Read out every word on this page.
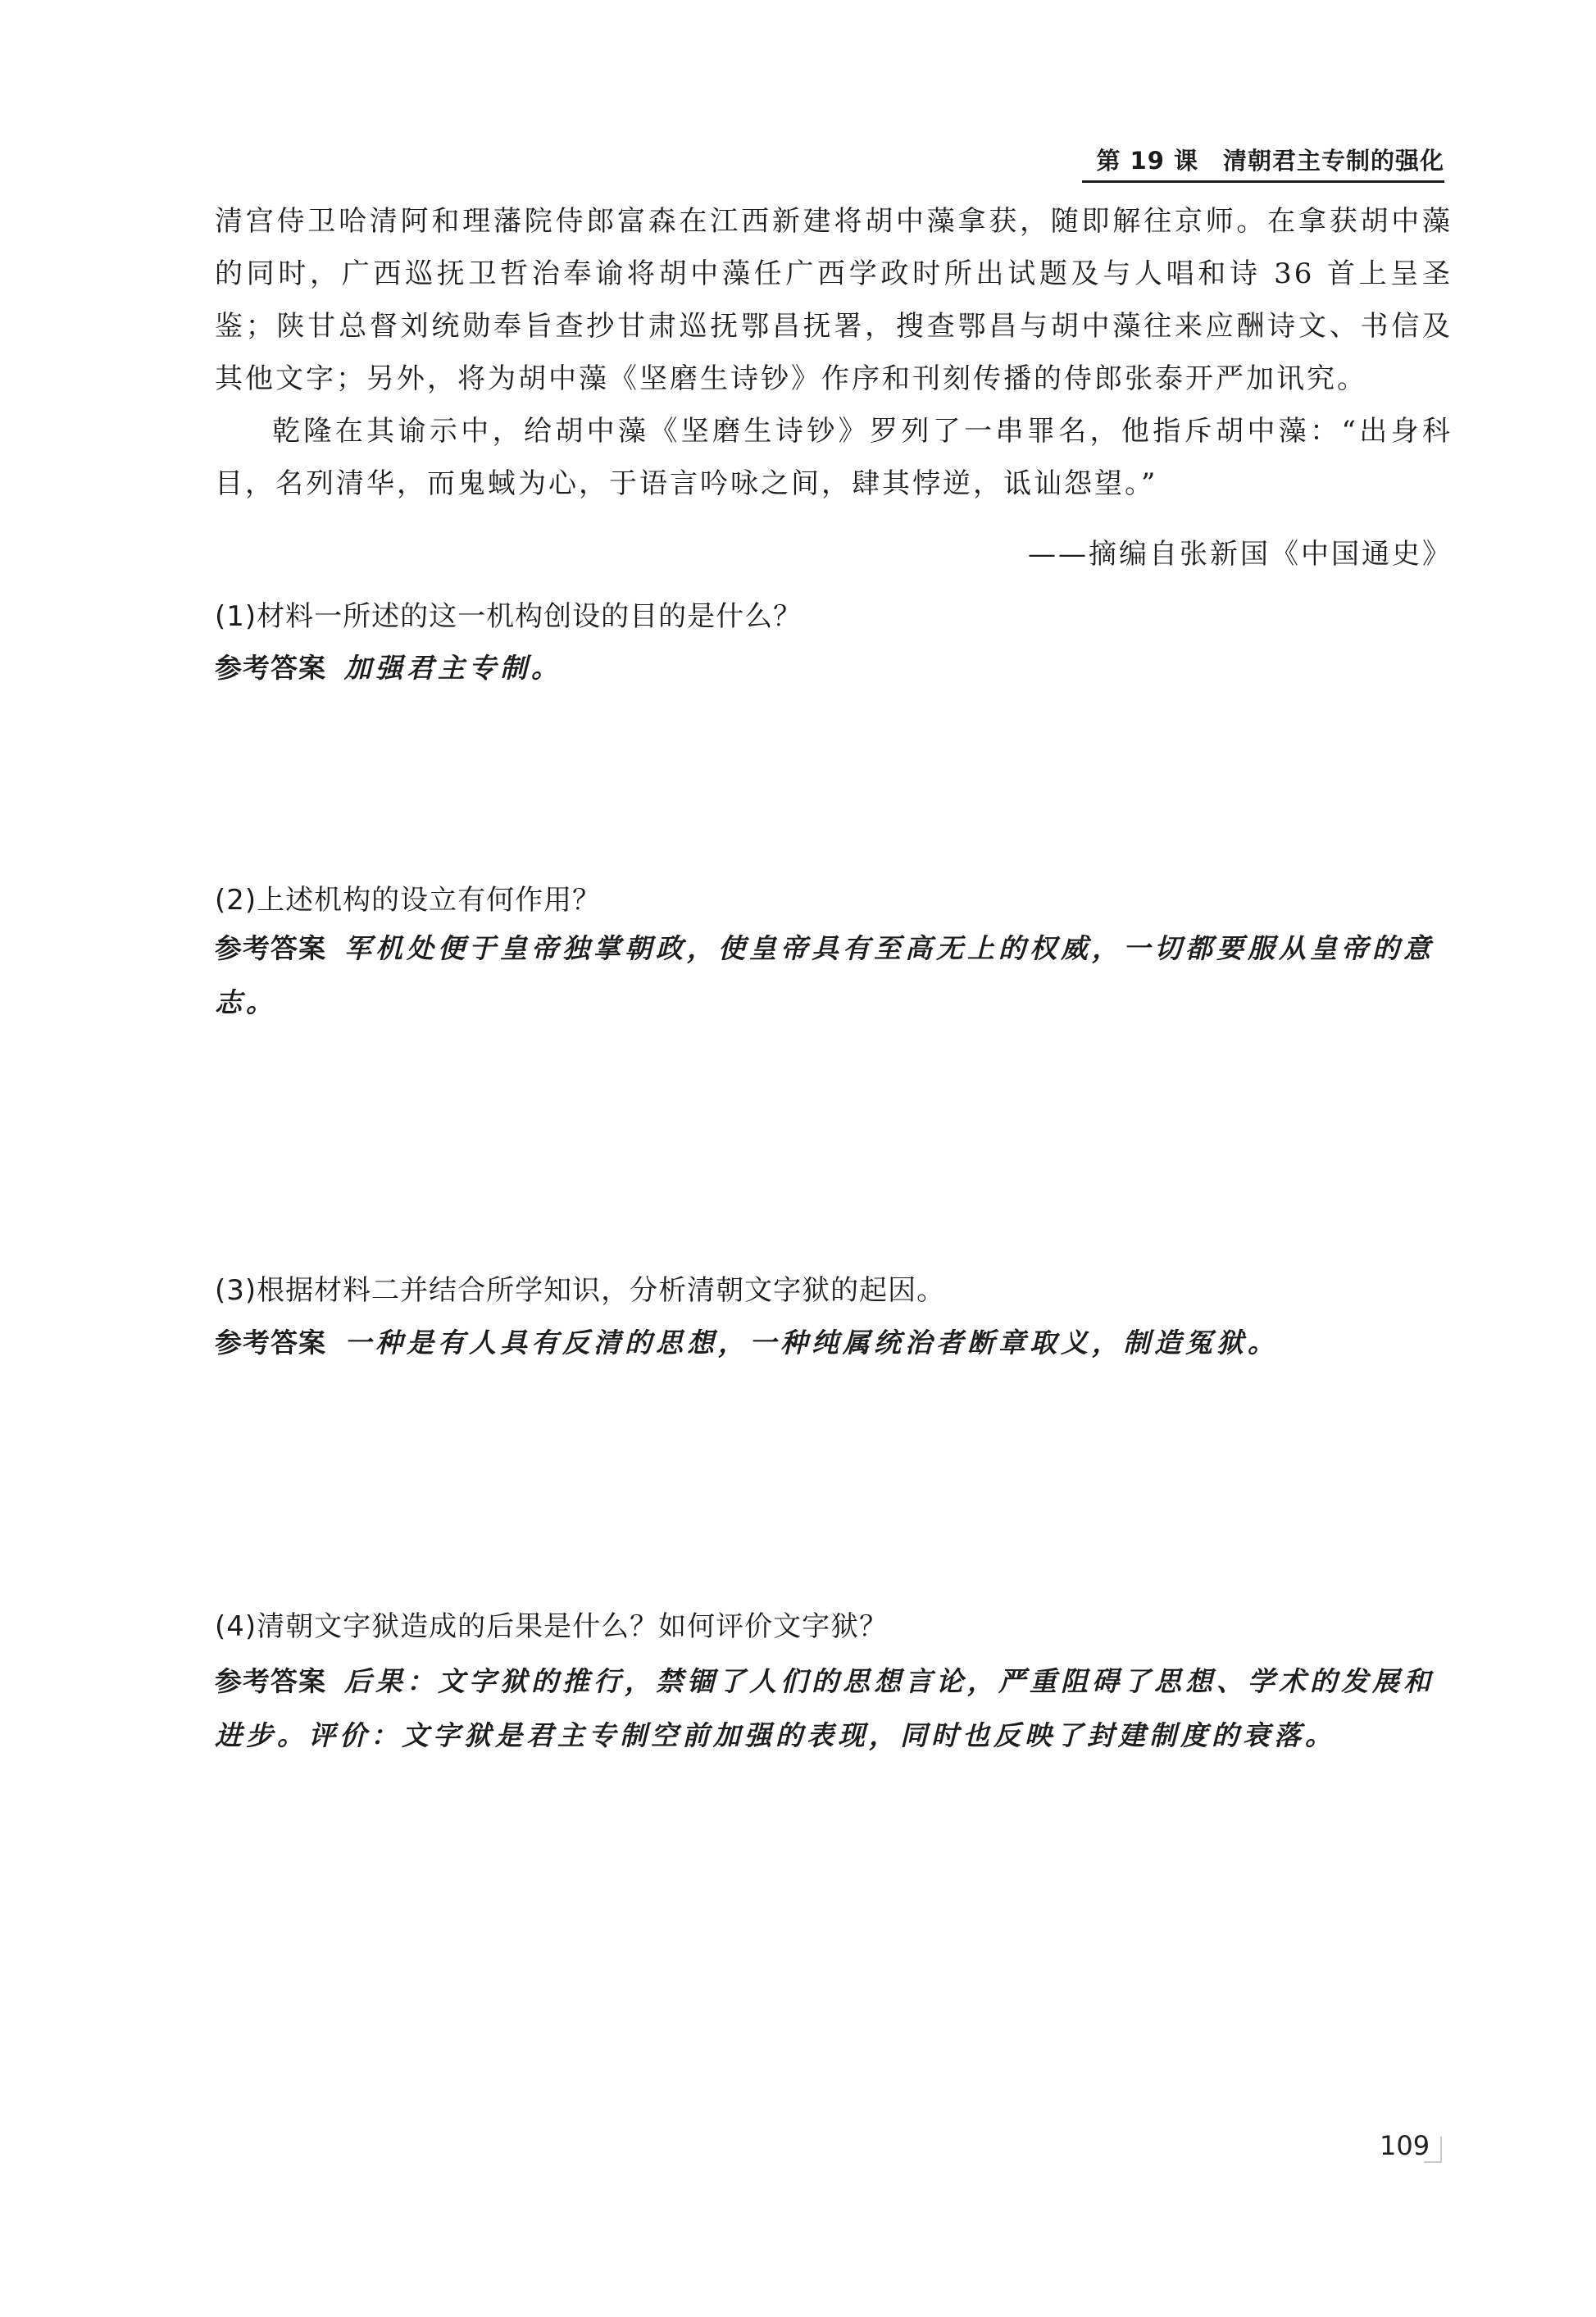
第 19 课　清朝君主专制的强化

清宫侍卫哈清阿和理藩院侍郎富森在江西新建将胡中藻拿获，随即解往京师。在拿获胡中藻的同时，广西巡抚卫哲治奉谕将胡中藻任广西学政时所出试题及与人唱和诗 36 首上呈圣鉴；陕甘总督刘统勋奉旨查抄甘肃巡抚鄂昌抚署，搜查鄂昌与胡中藻往来应酬诗文、书信及其他文字；另外，将为胡中藻《坚磨生诗钞》作序和刊刻传播的侍郎张泰开严加讯究。

乾隆在其谕示中，给胡中藻《坚磨生诗钞》罗列了一串罪名，他指斥胡中藻：“出身科目，名列清华，而鬼蜮为心，于语言吟咏之间，肆其悖逆，诋讪怨望。”

——摘编自张新国《中国通史》
(1)材料一所述的这一机构创设的目的是什么？
参考答案 加强君主专制。
(2)上述机构的设立有何作用？
参考答案 军机处便于皇帝独掌朝政，使皇帝具有至高无上的权威，一切都要服从皇帝的意志。
(3)根据材料二并结合所学知识，分析清朝文字狱的起因。
参考答案 一种是有人具有反清的思想，一种纯属统治者断章取义，制造冤狱。
(4)清朝文字狱造成的后果是什么？如何评价文字狱？
参考答案 后果：文字狱的推行，禁锢了人们的思想言论，严重阻碍了思想、学术的发展和进步。评价：文字狱是君主专制空前加强的表现，同时也反映了封建制度的衰落。
109
